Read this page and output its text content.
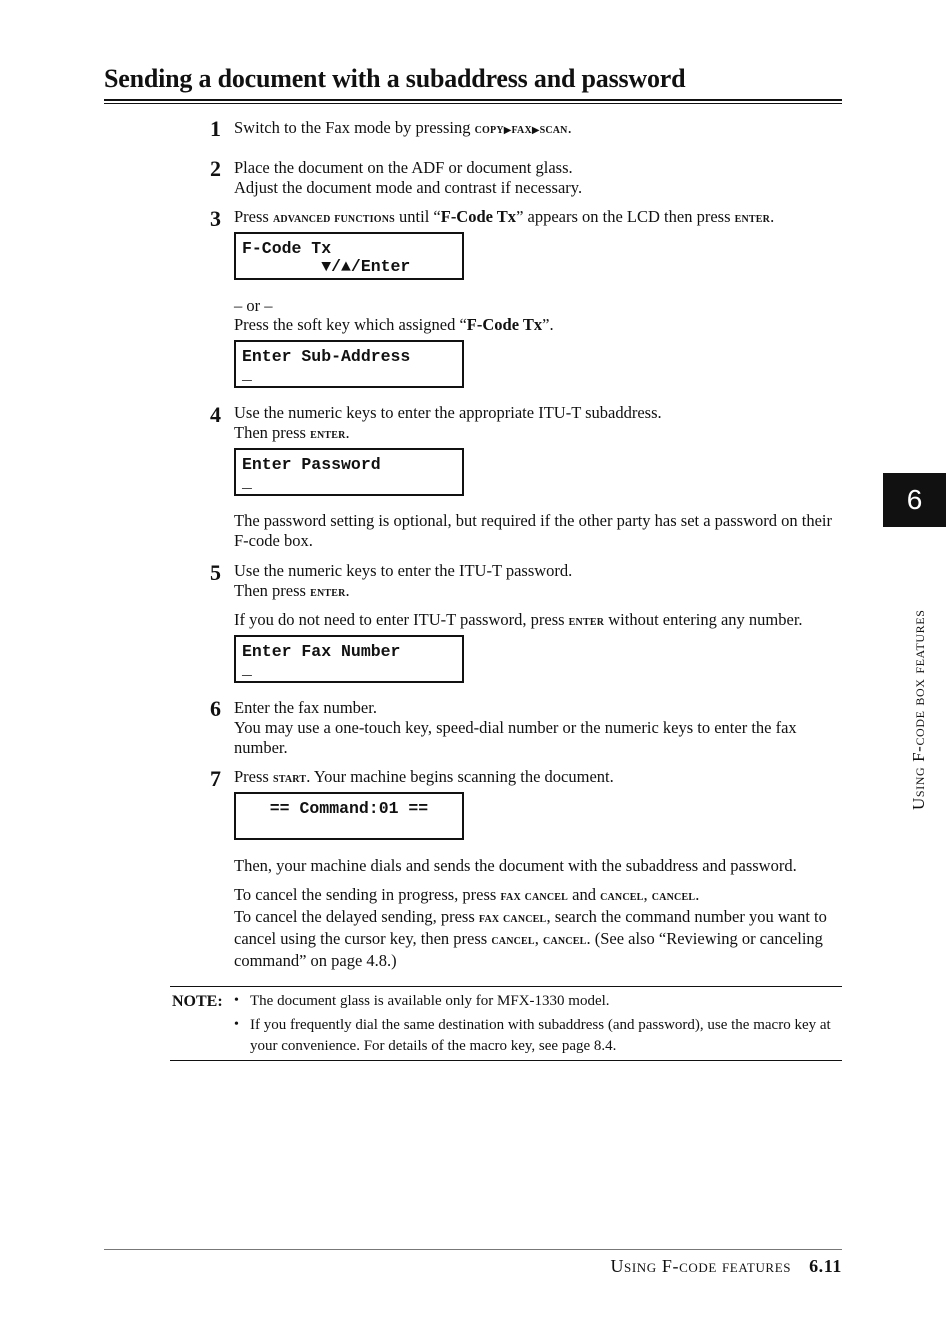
Sending a document with a subaddress and password
1 Switch to the Fax mode by pressing copy▶fax▶scan.
2 Place the document on the ADF or document glass.
Adjust the document mode and contrast if necessary.
3 Press advanced functions until “F-Code Tx” appears on the LCD then press enter.
F-Code Tx
▼/▲/Enter
– or –
Press the soft key which assigned “F-Code Tx”.
Enter Sub-Address
_
4 Use the numeric keys to enter the appropriate ITU-T subaddress.
Then press enter.
Enter Password
_
The password setting is optional, but required if the other party has set a password on their F-code box.
5 Use the numeric keys to enter the ITU-T password.
Then press enter.
If you do not need to enter ITU-T password, press enter without entering any number.
Enter Fax Number
_
6 Enter the fax number.
You may use a one-touch key, speed-dial number or the numeric keys to enter the fax number.
7 Press start. Your machine begins scanning the document.
== Command:01 ==
Then, your machine dials and sends the document with the subaddress and password.
To cancel the sending in progress, press fax cancel and cancel, cancel.
To cancel the delayed sending, press fax cancel, search the command number you want to cancel using the cursor key, then press cancel, cancel. (See also “Reviewing or canceling command” on page 4.8.)
NOTE: • The document glass is available only for MFX-1330 model.
• If you frequently dial the same destination with subaddress (and password), use the macro key at your convenience. For details of the macro key, see page 8.4.
6
Using F-code box features
Using F-code features 6.11
